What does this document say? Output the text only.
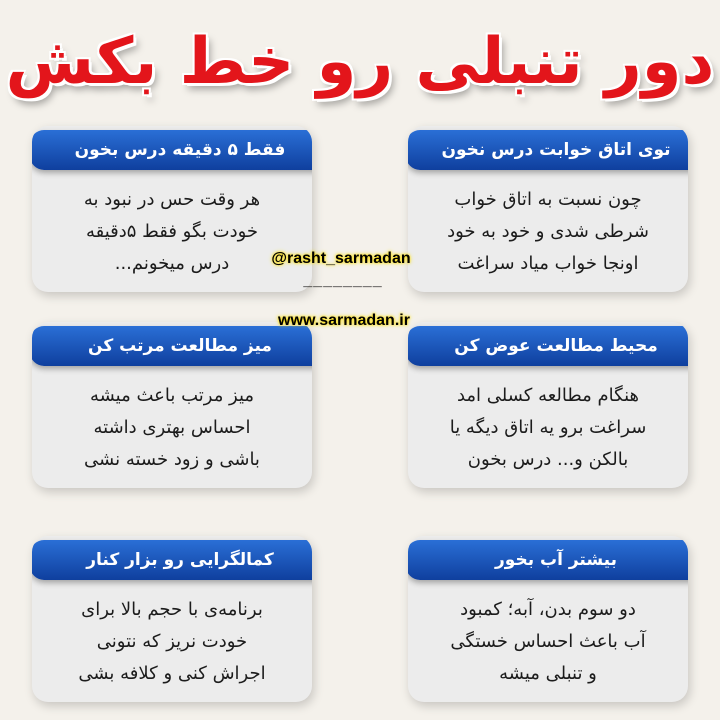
دور تنبلی رو خط بکش
توی اتاق خوابت درس نخون
چون نسبت به اتاق خواب
شرطی شدی و خود به خود
اونجا خواب میاد سراغت
فقط ۵ دقیقه درس بخون
هر وقت حس در نبود به
خودت بگو فقط ۵دقیقه
درس میخونم...
محیط مطالعت عوض کن
هنگام مطالعه کسلی امد
سراغت برو یه اتاق دیگه یا
بالکن و... درس بخون
میز مطالعت مرتب کن
میز مرتب باعث میشه
احساس بهتری داشته
باشی و زود خسته نشی
بیشتر آب بخور
دو سوم بدن، آبه؛ کمبود
آب باعث احساس خستگی
و تنبلی میشه
کمالگرایی رو بزار کنار
برنامه‌ی با حجم بالا برای
خودت نریز که نتونی
اجراش کنی و کلافه بشی
@rasht_sarmadan
________
www.sarmadan.ir
